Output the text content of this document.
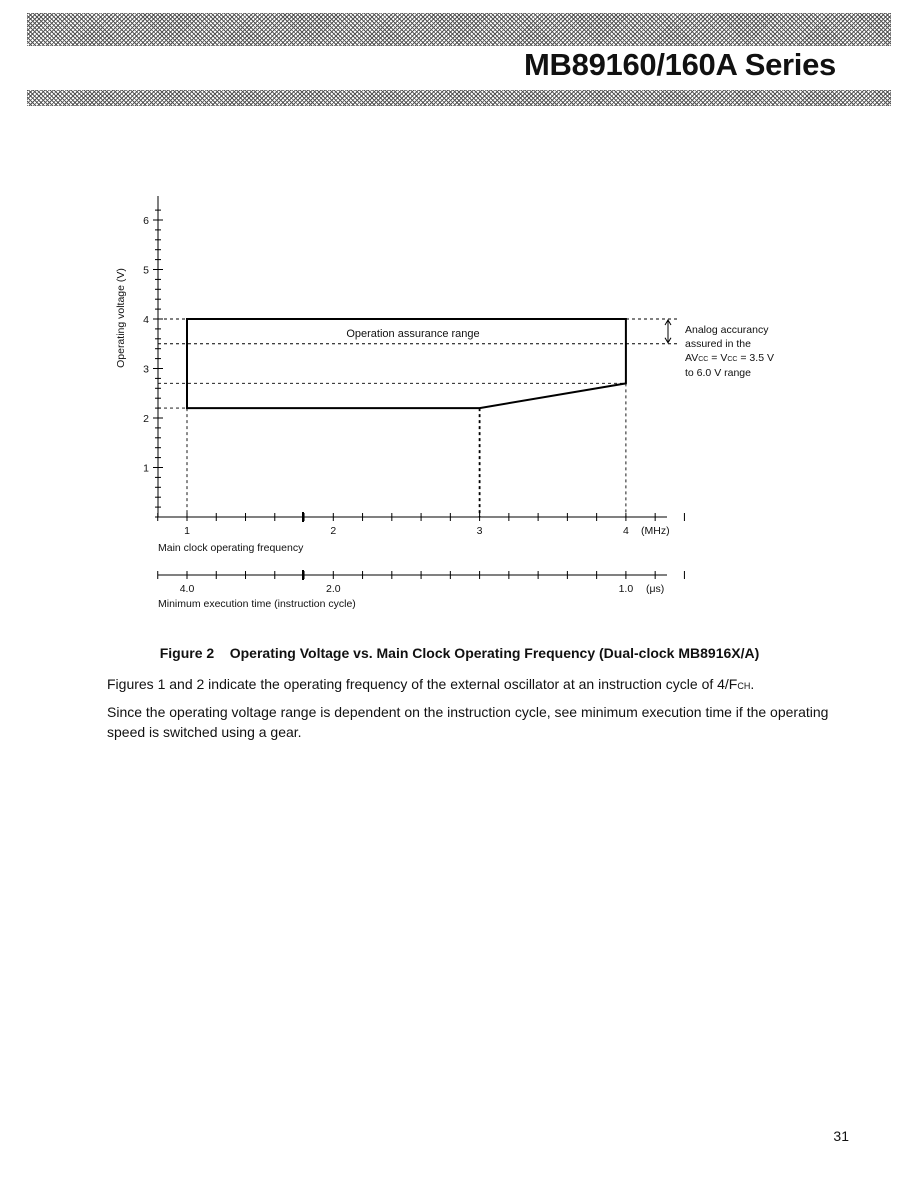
MB89160/160A Series
1
2
3
4
5
6
Operating voltage (V)
1	2	3	4 (MHz)
Main clock operating frequency
4.0	2.0	1.0 (μs)
Minimum execution time (instruction cycle)
Operation assurance range	Analog accurancy
assured in the
AVCC = VCC = 3.5 V
to 6.0 V range
Figure 2    Operating Voltage vs. Main Clock Operating Frequency (Dual-clock MB8916X/A)
Figures 1 and 2 indicate the operating frequency of the external oscillator at an instruction cycle of 4/FCH.
Since the operating voltage range is dependent on the instruction cycle, see minimum execution time if the operating speed is switched using a gear.
31
